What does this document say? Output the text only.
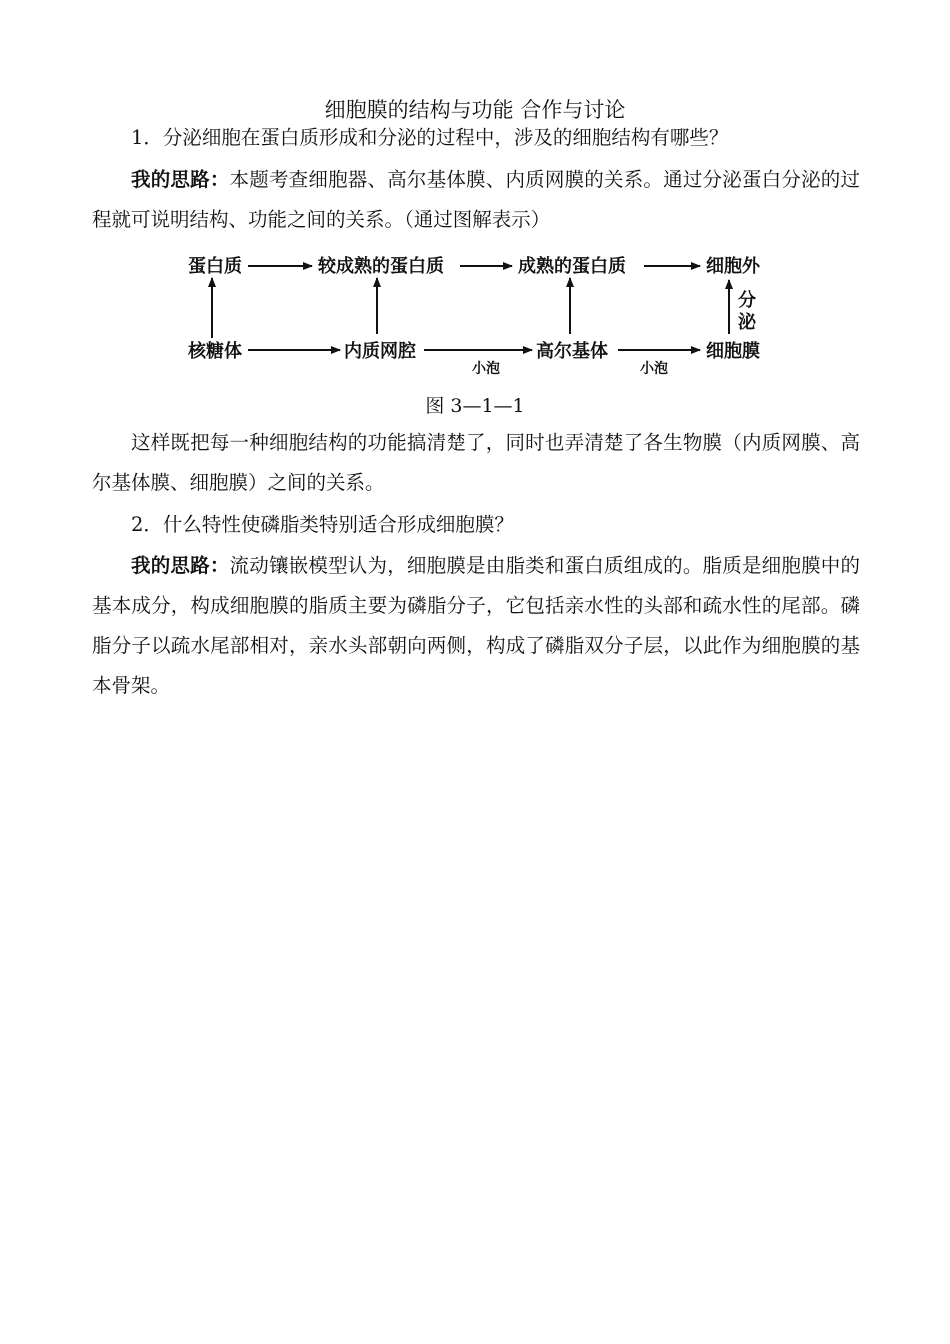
细胞膜的结构与功能 合作与讨论
1．分泌细胞在蛋白质形成和分泌的过程中，涉及的细胞结构有哪些？
我的思路：本题考查细胞器、高尔基体膜、内质网膜的关系。通过分泌蛋白分泌的过程就可说明结构、功能之间的关系。（通过图解表示）
蛋白质	较成熟的蛋白质	成熟的蛋白质	细胞外
核糖体	内质网腔	高尔基体	细胞膜
小泡	小泡
分
泌
图 3—1—1
这样既把每一种细胞结构的功能搞清楚了，同时也弄清楚了各生物膜（内质网膜、高尔基体膜、细胞膜）之间的关系。
2．什么特性使磷脂类特别适合形成细胞膜？
我的思路：流动镶嵌模型认为，细胞膜是由脂类和蛋白质组成的。脂质是细胞膜中的基本成分，构成细胞膜的脂质主要为磷脂分子，它包括亲水性的头部和疏水性的尾部。磷脂分子以疏水尾部相对，亲水头部朝向两侧，构成了磷脂双分子层，以此作为细胞膜的基本骨架。
